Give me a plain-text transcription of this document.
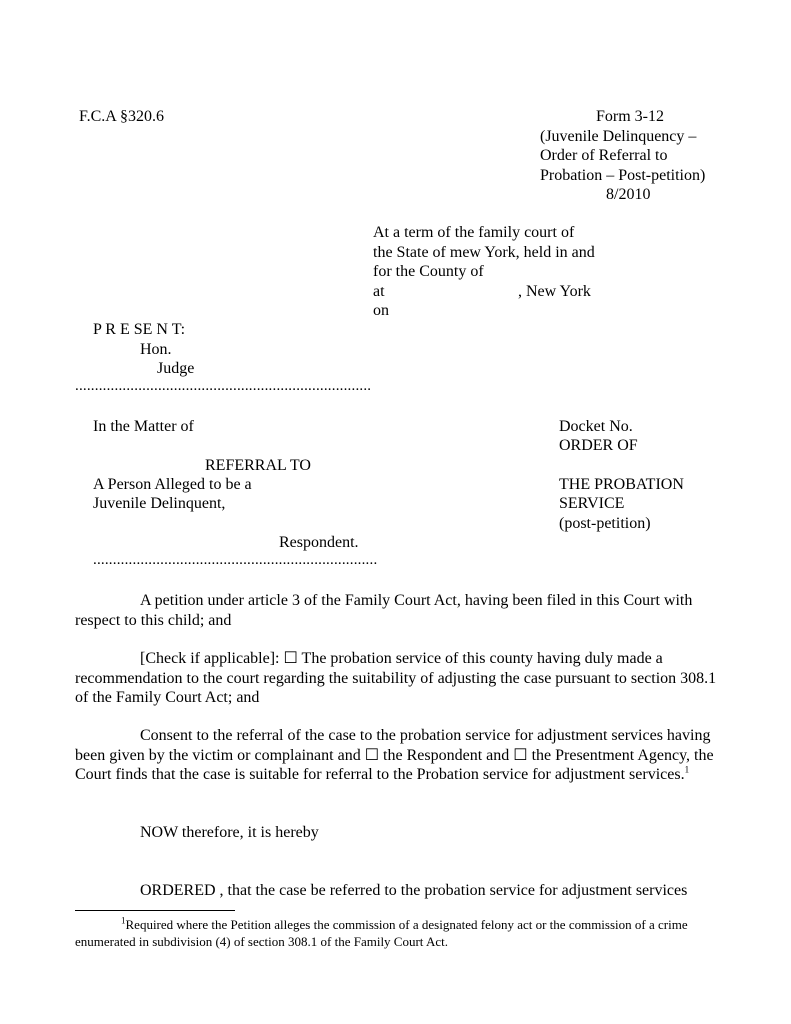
F.C.A §320.6	Form 3-12
(Juvenile Delinquency –
Order of Referral to
Probation – Post-petition)
8/2010
At a term of the family court of
the State of mew York, held in and
for the County of
at	, New York
on
P R E SE N T:
Hon.
Judge
...........................................................................
In the Matter of	Docket No.
ORDER OF
REFERRAL TO
A Person Alleged to be a	THE PROBATION
Juvenile Delinquent,	SERVICE
(post-petition)
Respondent.
........................................................................
A petition under article 3 of the Family Court Act, having been filed in this Court with respect to this child; and
[Check if applicable]: ☐ The probation service of this county having duly made a recommendation to the court regarding the suitability of adjusting the case pursuant to section 308.1 of the Family Court Act; and
Consent to the referral of the case to the probation service for adjustment services having been given by the victim or complainant and ☐ the Respondent and ☐ the Presentment Agency, the Court finds that the case is suitable for referral to the Probation service for adjustment services.$^1$
NOW therefore, it is hereby
ORDERED , that the case be referred to the probation service for adjustment services
$^1$Required where the Petition alleges the commission of a designated felony act or the commission of a crime enumerated in subdivision (4) of section 308.1 of the Family Court Act.
